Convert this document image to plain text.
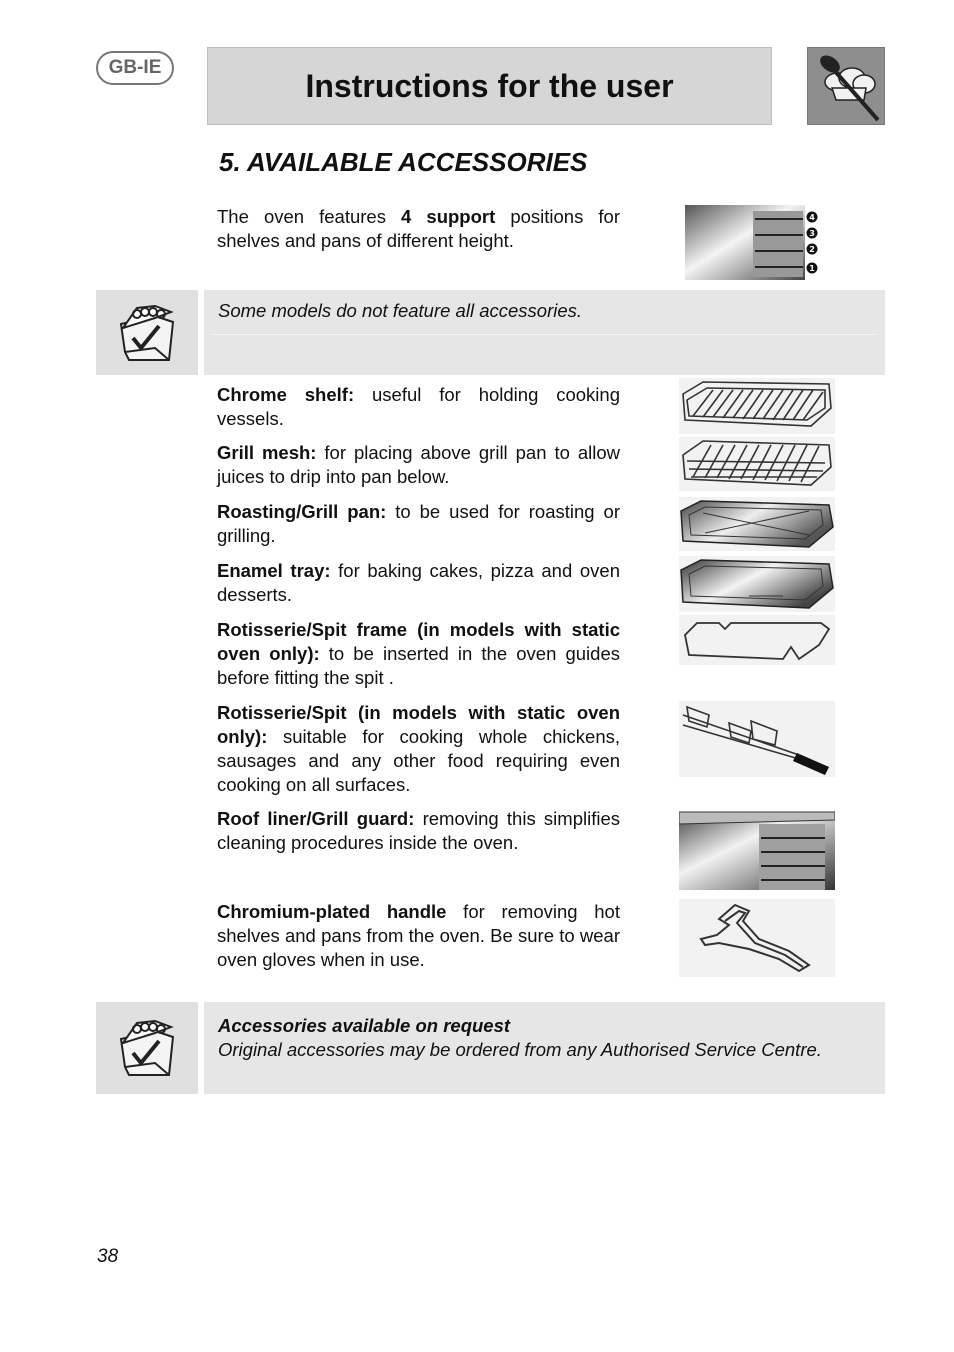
GB-IE	Instructions for the user
5. AVAILABLE ACCESSORIES

The oven features 4 support positions for shelves and pans of different height.

4
3
2
1
Some models do not feature all accessories.

Chrome shelf: useful for holding cooking vessels.

Grill mesh: for placing above grill pan to allow juices to drip into pan below.

Roasting/Grill pan: to be used for roasting or grilling.

Enamel tray: for baking cakes, pizza and oven desserts.

Rotisserie/Spit frame (in models with static oven only): to be inserted in the oven guides before fitting the spit .

Rotisserie/Spit (in models with static oven only): suitable for cooking whole chickens, sausages and any other food requiring even cooking on all surfaces.

Roof liner/Grill guard: removing this simplifies cleaning procedures inside the oven.

Chromium-plated handle for removing hot shelves and pans from the oven. Be sure to wear oven gloves when in use.

Accessories available on request
Original accessories may be ordered from any Authorised Service Centre.
38
